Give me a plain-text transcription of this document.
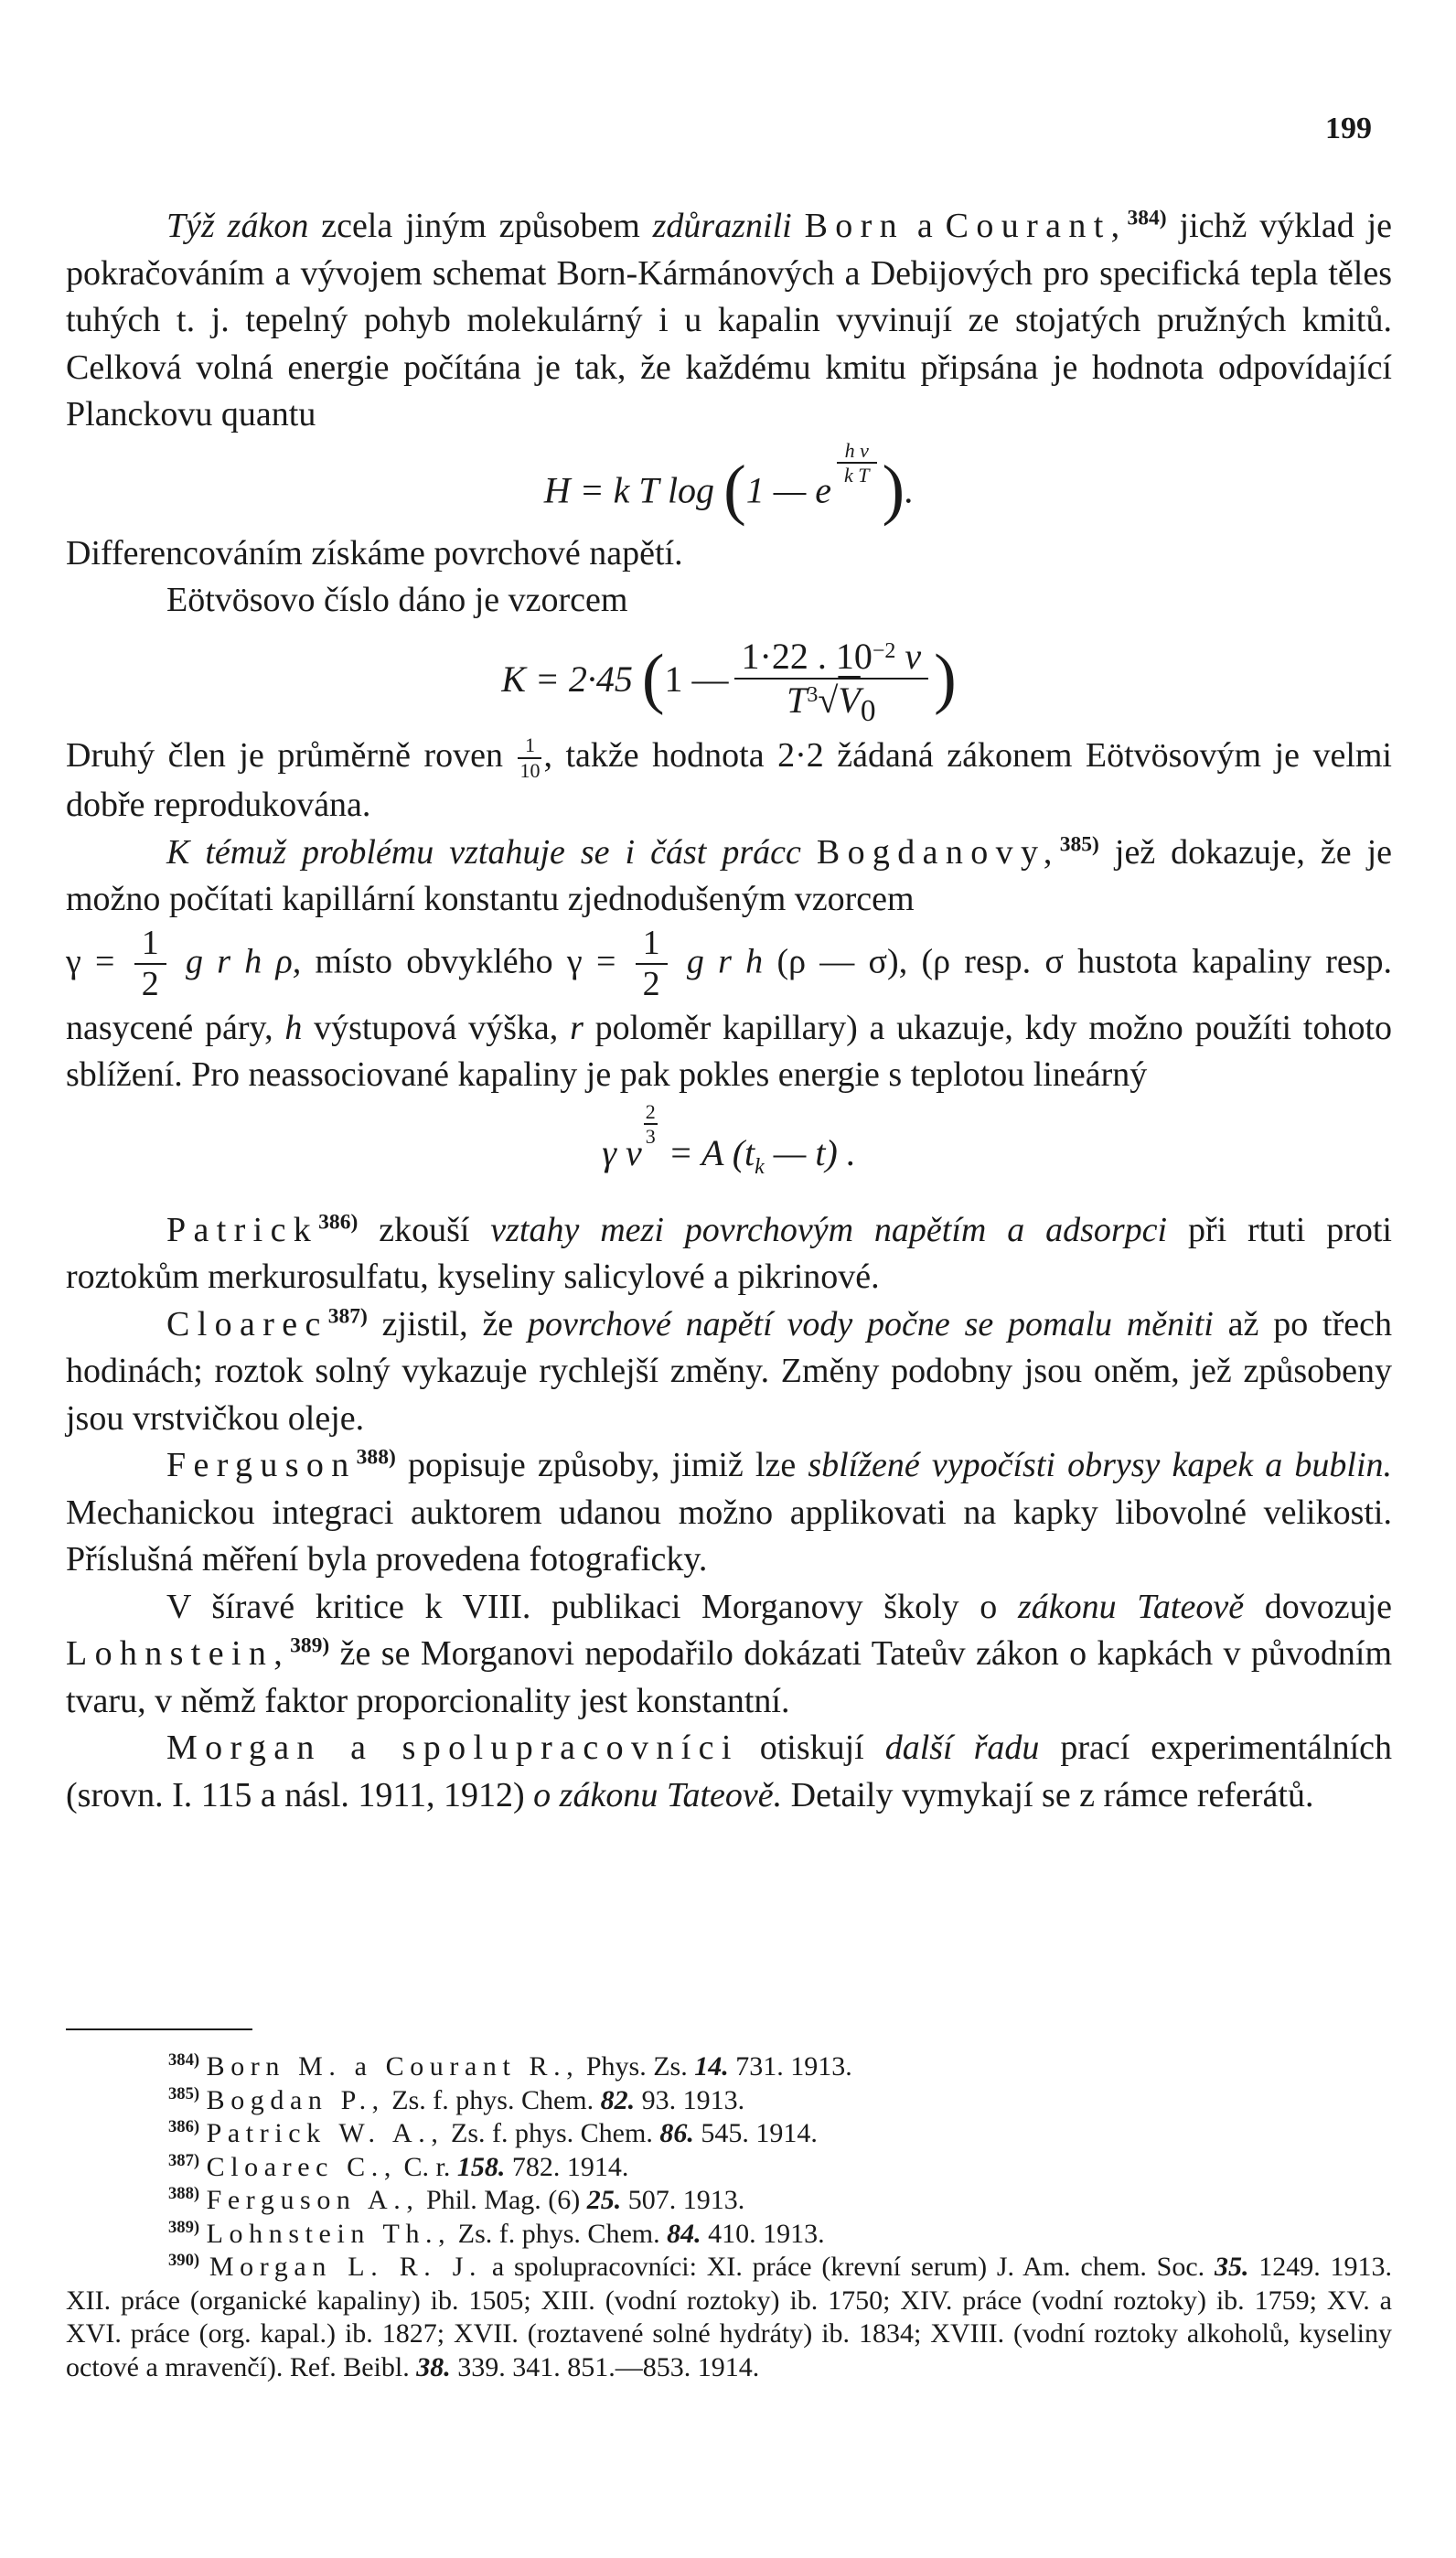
199

Týž zákon zcela jiným způsobem zdůraznili Born a Courant,$^{384)}$ jichž výklad je pokračováním a vývojem schemat Born-Kármánových a Debijových pro specifická tepla těles tuhých t. j. tepelný pohyb molekulárný i u kapalin vyvinují ze stojatých pružných kmitů. Celková volná energie počítána je tak, že každému kmitu připsána je hodnota odpovídající Planckovu quantu

H = k T log (1 — e
$\frac{\text{h v}}{\text{k T}}$ ).

Differencováním získáme povrchové napětí.

Eötvösovo číslo dáno je vzorcem

K = 2·45 (1 — $\frac{1\cdot 22 . 10^{-2} v}{T^3√V_0}$ )

Druhý člen je průměrně roven $\frac{1}{10}$ , takže hodnota 2·2 žádaná zákonem Eötvösovým je velmi dobře reprodukována.

K témuž problému vztahuje se i část prácc Bogdanovy,$^{385)}$ jež dokazuje, že je možno počítati kapillární konstantu zjednodušeným vzorcem

$\gamma = \frac{1}{2}$ g r h ρ, místo obvyklého $\gamma = \frac{1}{2}$ g r h (ρ — σ), (ρ resp. σ hustota kapaliny resp. nasycené páry, h výstupová výška, r poloměr kapillary) a ukazuje, kdy možno použíti tohoto sblížení. Pro neassociované kapaliny je pak pokles energie s teplotou lineárný

γ v
$\frac{2}{3}$
= A ($t_k$ — t) .

Patrick$^{386)}$ zkouší vztahy mezi povrchovým napětím a adsorpci při rtuti proti roztokům merkurosulfatu, kyseliny salicylové a pikrinové.

Cloarec$^{387)}$ zjistil, že povrchové napětí vody počne se pomalu měniti až po třech hodinách; roztok solný vykazuje rychlejší změny. Změny podobny jsou oněm, jež způsobeny jsou vrstvičkou oleje.

Ferguson$^{388)}$ popisuje způsoby, jimiž lze sblížené vypočísti obrysy kapek a bublin. Mechanickou integraci auktorem udanou možno applikovati na kapky libovolné velikosti. Příslušná měření byla provedena fotograficky.

V šíravé kritice k VIII. publikaci Morganovy školy o zákonu Tateově dovozuje Lohnstein,$^{389)}$ že se Morganovi nepodařilo dokázati Tateův zákon o kapkách v původním tvaru, v němž faktor proporcionality jest konstantní.

Morgan a spolupracovníci otiskují další řadu prací experimentálních (srovn. I. 115 a násl. 1911, 1912) o zákonu Tateově. Detaily vymykají se z rámce referátů.

$^{384)}$ Born M. a Courant R., Phys. Zs. 14. 731. 1913.

$^{385)}$ Bogdan P., Zs. f. phys. Chem. 82. 93. 1913.

$^{386)}$ Patrick W. A., Zs. f. phys. Chem. 86. 545. 1914.

$^{387)}$ Cloarec C., C. r. 158. 782. 1914.

$^{388)}$ Ferguson A., Phil. Mag. (6) 25. 507. 1913.

$^{389)}$ Lohnstein Th., Zs. f. phys. Chem. 84. 410. 1913.

$^{390)}$ Morgan L. R. J. a spolupracovníci: XI. práce (krevní serum) J. Am. chem. Soc. 35. 1249. 1913. XII. práce (organické kapaliny) ib. 1505; XIII. (vodní roztoky) ib. 1750; XIV. práce (vodní roztoky) ib. 1759; XV. a XVI. práce (org. kapal.) ib. 1827; XVII. (roztavené solné hydráty) ib. 1834; XVIII. (vodní roztoky alkoholů, kyseliny octové a mravenčí). Ref. Beibl. 38. 339. 341. 851.—853. 1914.
